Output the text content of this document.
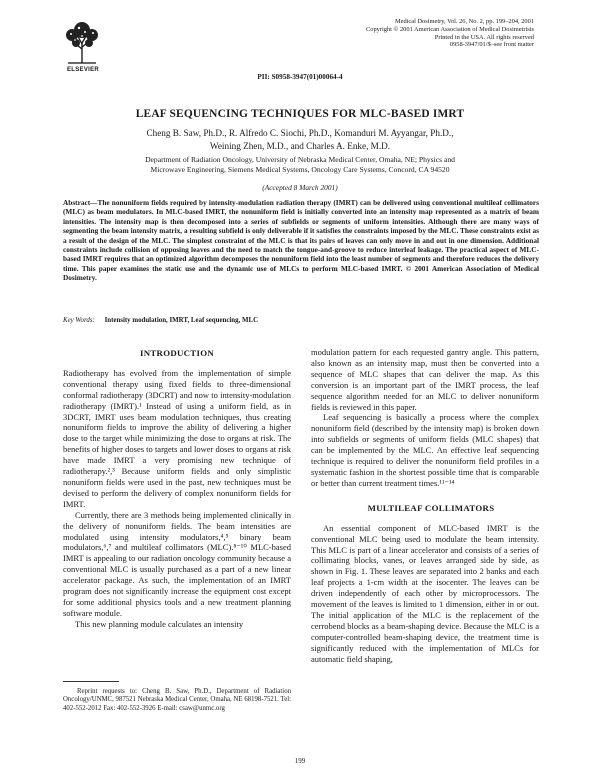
ELSEVIER
Medical Dosimetry, Vol. 26, No. 2, pp. 199–204, 2001
Copyright © 2001 American Association of Medical Dosimetrists
Printed in the USA. All rights reserved
0958-3947/01/$–see front matter
PII: S0958-3947(01)00064-4
LEAF SEQUENCING TECHNIQUES FOR MLC-BASED IMRT
Cheng B. Saw, Ph.D., R. Alfredo C. Siochi, Ph.D., Komanduri M. Ayyangar, Ph.D.,
Weining Zhen, M.D., and Charles A. Enke, M.D.
Department of Radiation Oncology, University of Nebraska Medical Center, Omaha, NE; Physics and
Microwave Engineering, Siemens Medical Systems, Oncology Care Systems, Concord, CA 94520
(Accepted 8 March 2001)
Abstract—The nonuniform fields required by intensity-modulation radiation therapy (IMRT) can be delivered using conventional multileaf collimators (MLC) as beam modulators. In MLC-based IMRT, the nonuniform field is initially converted into an intensity map represented as a matrix of beam intensities. The intensity map is then decomposed into a series of subfields or segments of uniform intensities. Although there are many ways of segmenting the beam intensity matrix, a resulting subfield is only deliverable if it satisfies the constraints imposed by the MLC. These constraints exist as a result of the design of the MLC. The simplest constraint of the MLC is that its pairs of leaves can only move in and out in one dimension. Additional constraints include collision of opposing leaves and the need to match the tongue-and-groove to reduce interleaf leakage. The practical aspect of MLC-based IMRT requires that an optimized algorithm decomposes the nonuniform field into the least number of segments and therefore reduces the delivery time. This paper examines the static use and the dynamic use of MLCs to perform MLC-based IMRT. © 2001 American Association of Medical Dosimetry.
Key Words: Intensity modulation, IMRT, Leaf sequencing, MLC

INTRODUCTION

Radiotherapy has evolved from the implementation of simple conventional therapy using fixed fields to three-dimensional conformal radiotherapy (3DCRT) and now to intensity-modulation radiotherapy (IMRT).¹ Instead of using a uniform field, as in 3DCRT, IMRT uses beam modulation techniques, thus creating nonuniform fields to improve the ability of delivering a higher dose to the target while minimizing the dose to organs at risk. The benefits of higher doses to targets and lower doses to organs at risk have made IMRT a very promising new technique of radiotherapy.²,³ Because uniform fields and only simplistic nonuniform fields were used in the past, new techniques must be devised to perform the delivery of complex nonuniform fields for IMRT.

Currently, there are 3 methods being implemented clinically in the delivery of nonuniform fields. The beam intensities are modulated using intensity modulators,⁴,⁵ binary beam modulators,⁶,⁷ and multileaf collimators (MLC).⁸⁻¹⁰ MLC-based IMRT is appealing to our radiation oncology community because a conventional MLC is usually purchased as a part of a new linear accelerator package. As such, the implementation of an IMRT program does not significantly increase the equipment cost except for some additional physics tools and a new treatment planning software module.

This new planning module calculates an intensity

modulation pattern for each requested gantry angle. This pattern, also known as an intensity map, must then be converted into a sequence of MLC shapes that can deliver the map. As this conversion is an important part of the IMRT process, the leaf sequence algorithm needed for an MLC to deliver nonuniform fields is reviewed in this paper.

Leaf sequencing is basically a process where the complex nonuniform field (described by the intensity map) is broken down into subfields or segments of uniform fields (MLC shapes) that can be implemented by the MLC. An effective leaf sequencing technique is required to deliver the nonuniform field profiles in a systematic fashion in the shortest possible time that is comparable or better than current treatment times.¹¹⁻¹⁴

MULTILEAF COLLIMATORS

An essential component of MLC-based IMRT is the conventional MLC being used to modulate the beam intensity. This MLC is part of a linear accelerator and consists of a series of collimating blocks, vanes, or leaves arranged side by side, as shown in Fig. 1. These leaves are separated into 2 banks and each leaf projects a 1-cm width at the isocenter. The leaves can be driven independently of each other by microprocessors. The movement of the leaves is limited to 1 dimension, either in or out. The initial application of the MLC is the replacement of the cerrobend blocks as a beam-shaping device. Because the MLC is a computer-controlled beam-shaping device, the treatment time is significantly reduced with the implementation of MLCs for automatic field shaping,

Reprint requests to: Cheng B. Saw, Ph.D., Department of Radiation Oncology/UNMC, 987521 Nebraska Medical Center, Omaha, NE 68198-7521. Tel: 402-552-2012 Fax: 402-552-3926 E-mail: csaw@unmc.org

199
